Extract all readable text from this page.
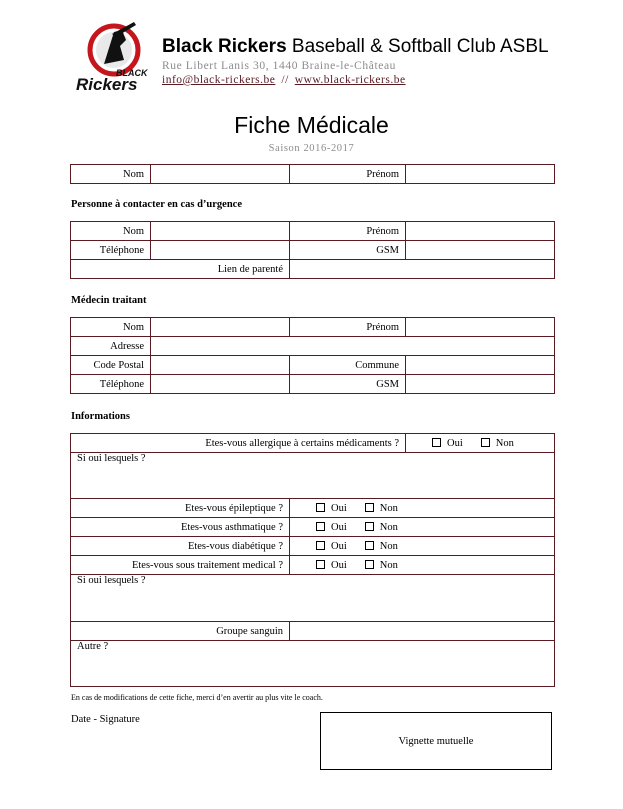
BLACK
Rickers
Black Rickers Baseball & Softball Club ASBL
Rue Libert Lanis 30, 1440 Braine-le-Château
info@black-rickers.be // www.black-rickers.be
Fiche Médicale
Saison 2016-2017
Nom		Prénom	
Personne à contacter en cas d’urgence
Nom		Prénom	
Téléphone		GSM	
Lien de parenté			
Médecin traitant
Nom		Prénom	
Adresse			
Code Postal		Commune	
Téléphone		GSM	
Informations
Etes-vous allergique à certains médicaments ?		Oui Non
Si oui lesquels ?		
Etes-vous épileptique ?	Oui Non	
Etes-vous asthmatique ?	Oui Non	
Etes-vous diabétique ?	Oui Non	
Etes-vous sous traitement medical ?	Oui Non	
Si oui lesquels ?		
Groupe sanguin		
Autre ?		
En cas de modifications de cette fiche, merci d’en avertir au plus vite le coach.
Date - Signature
Vignette mutuelle
